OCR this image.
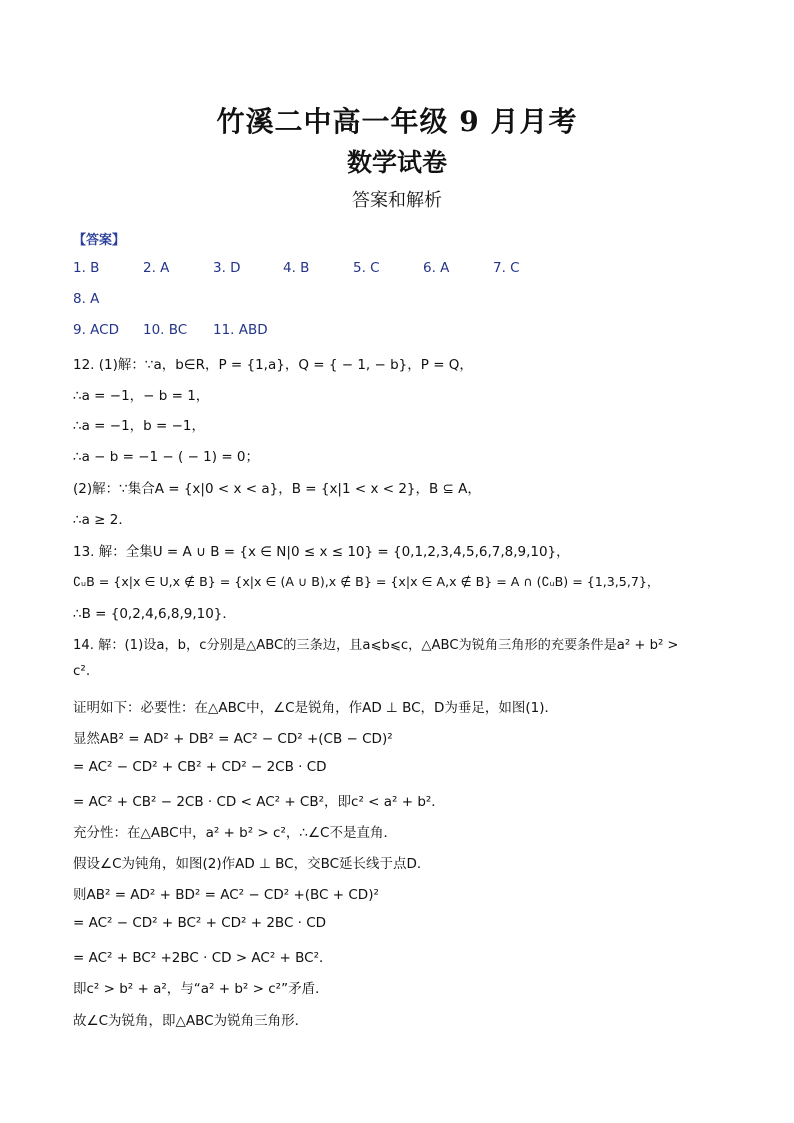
竹溪二中高一年级 9 月月考
数学试卷
答案和解析
【答案】
1. B	2. A	3. D	4. B	5. C	6. A	7. C
8. A
9. ACD 10. BC 11. ABD
12. (1)解：∵a，b∈R，P = {1,a}，Q = { − 1, − b}，P = Q，
∴a = −1，− b = 1，
∴a = −1，b = −1，
∴a − b = −1 − ( − 1) = 0；
(2)解：∵集合A = {x|0 < x < a}，B = {x|1 < x < 2}，B ⊆ A，
∴a ≥ 2．
13. 解：全集U = A ∪ B = {x ∈ N|0 ≤ x ≤ 10} = {0,1,2,3,4,5,6,7,8,9,10}，
∁ᵤB = {x|x ∈ U,x ∉ B} = {x|x ∈ (A ∪ B),x ∉ B} = {x|x ∈ A,x ∉ B} = A ∩ (∁ᵤB) = {1,3,5,7}，
∴B = {0,2,4,6,8,9,10}．
14. 解：(1)设a，b，c分别是△ABC的三条边，且a⩽b⩽c，△ABC为锐角三角形的充要条件是a² + b² >
c².
证明如下：必要性：在△ABC中，∠C是锐角，作AD ⊥ BC，D为垂足，如图(1)．
显然AB² = AD² + DB² = AC² − CD² +(CB − CD)²
= AC² − CD² + CB² + CD² − 2CB · CD
= AC² + CB² − 2CB · CD < AC² + CB²，即c² < a² + b²．
充分性：在△ABC中，a² + b² > c²，∴∠C不是直角．
假设∠C为钝角，如图(2)作AD ⊥ BC，交BC延长线于点D．
则AB² = AD² + BD² = AC² − CD² +(BC + CD)²
= AC² − CD² + BC² + CD² + 2BC · CD
= AC² + BC² +2BC · CD > AC² + BC²．
即c² > b² + a²，与“a² + b² > c²”矛盾．
故∠C为锐角，即△ABC为锐角三角形．
